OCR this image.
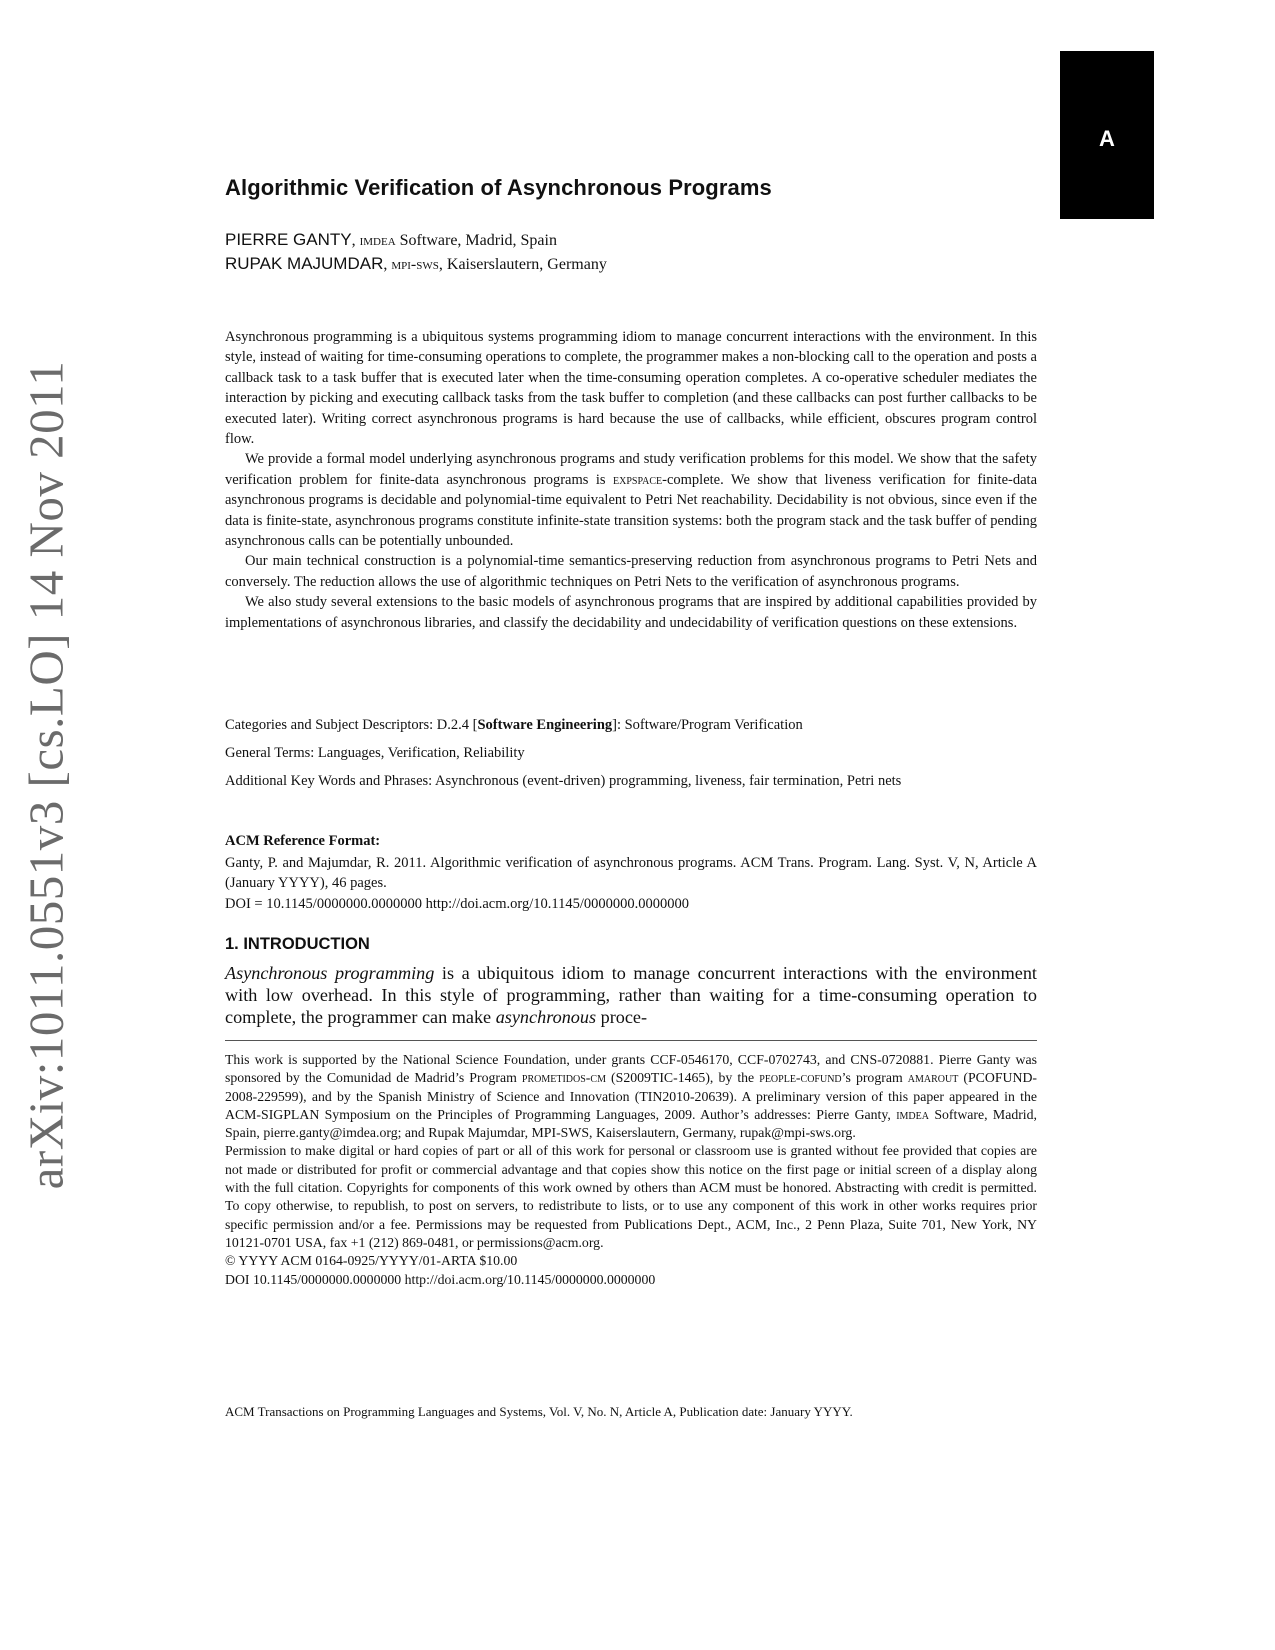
arXiv:1011.0551v3 [cs.LO] 14 Nov 2011
A
Algorithmic Verification of Asynchronous Programs
PIERRE GANTY, imdea Software, Madrid, Spain
RUPAK MAJUMDAR, mpi-sws, Kaiserslautern, Germany

Asynchronous programming is a ubiquitous systems programming idiom to manage concurrent interactions with the environment. In this style, instead of waiting for time-consuming operations to complete, the programmer makes a non-blocking call to the operation and posts a callback task to a task buffer that is executed later when the time-consuming operation completes. A co-operative scheduler mediates the interaction by picking and executing callback tasks from the task buffer to completion (and these callbacks can post further callbacks to be executed later). Writing correct asynchronous programs is hard because the use of callbacks, while efficient, obscures program control flow.

We provide a formal model underlying asynchronous programs and study verification problems for this model. We show that the safety verification problem for finite-data asynchronous programs is expspace-complete. We show that liveness verification for finite-data asynchronous programs is decidable and polynomial-time equivalent to Petri Net reachability. Decidability is not obvious, since even if the data is finite-state, asynchronous programs constitute infinite-state transition systems: both the program stack and the task buffer of pending asynchronous calls can be potentially unbounded.

Our main technical construction is a polynomial-time semantics-preserving reduction from asynchronous programs to Petri Nets and conversely. The reduction allows the use of algorithmic techniques on Petri Nets to the verification of asynchronous programs.

We also study several extensions to the basic models of asynchronous programs that are inspired by additional capabilities provided by implementations of asynchronous libraries, and classify the decidability and undecidability of verification questions on these extensions.

Categories and Subject Descriptors: D.2.4 [Software Engineering]: Software/Program Verification

General Terms: Languages, Verification, Reliability

Additional Key Words and Phrases: Asynchronous (event-driven) programming, liveness, fair termination, Petri nets

ACM Reference Format:

Ganty, P. and Majumdar, R. 2011. Algorithmic verification of asynchronous programs. ACM Trans. Program. Lang. Syst. V, N, Article A (January YYYY), 46 pages.
DOI = 10.1145/0000000.0000000 http://doi.acm.org/10.1145/0000000.0000000
1. INTRODUCTION

Asynchronous programming is a ubiquitous idiom to manage concurrent interactions with the environment with low overhead. In this style of programming, rather than waiting for a time-consuming operation to complete, the programmer can make asynchronous proce-

This work is supported by the National Science Foundation, under grants CCF-0546170, CCF-0702743, and CNS-0720881. Pierre Ganty was sponsored by the Comunidad de Madrid’s Program prometidos-cm (S2009TIC-1465), by the people-cofund’s program amarout (PCOFUND-2008-229599), and by the Spanish Ministry of Science and Innovation (TIN2010-20639). A preliminary version of this paper appeared in the ACM-SIGPLAN Symposium on the Principles of Programming Languages, 2009. Author’s addresses: Pierre Ganty, imdea Software, Madrid, Spain, pierre.ganty@imdea.org; and Rupak Majumdar, MPI-SWS, Kaiserslautern, Germany, rupak@mpi-sws.org.

Permission to make digital or hard copies of part or all of this work for personal or classroom use is granted without fee provided that copies are not made or distributed for profit or commercial advantage and that copies show this notice on the first page or initial screen of a display along with the full citation. Copyrights for components of this work owned by others than ACM must be honored. Abstracting with credit is permitted. To copy otherwise, to republish, to post on servers, to redistribute to lists, or to use any component of this work in other works requires prior specific permission and/or a fee. Permissions may be requested from Publications Dept., ACM, Inc., 2 Penn Plaza, Suite 701, New York, NY 10121-0701 USA, fax +1 (212) 869-0481, or permissions@acm.org.

© YYYY ACM 0164-0925/YYYY/01-ARTA $10.00

DOI 10.1145/0000000.0000000 http://doi.acm.org/10.1145/0000000.0000000

ACM Transactions on Programming Languages and Systems, Vol. V, No. N, Article A, Publication date: January YYYY.
